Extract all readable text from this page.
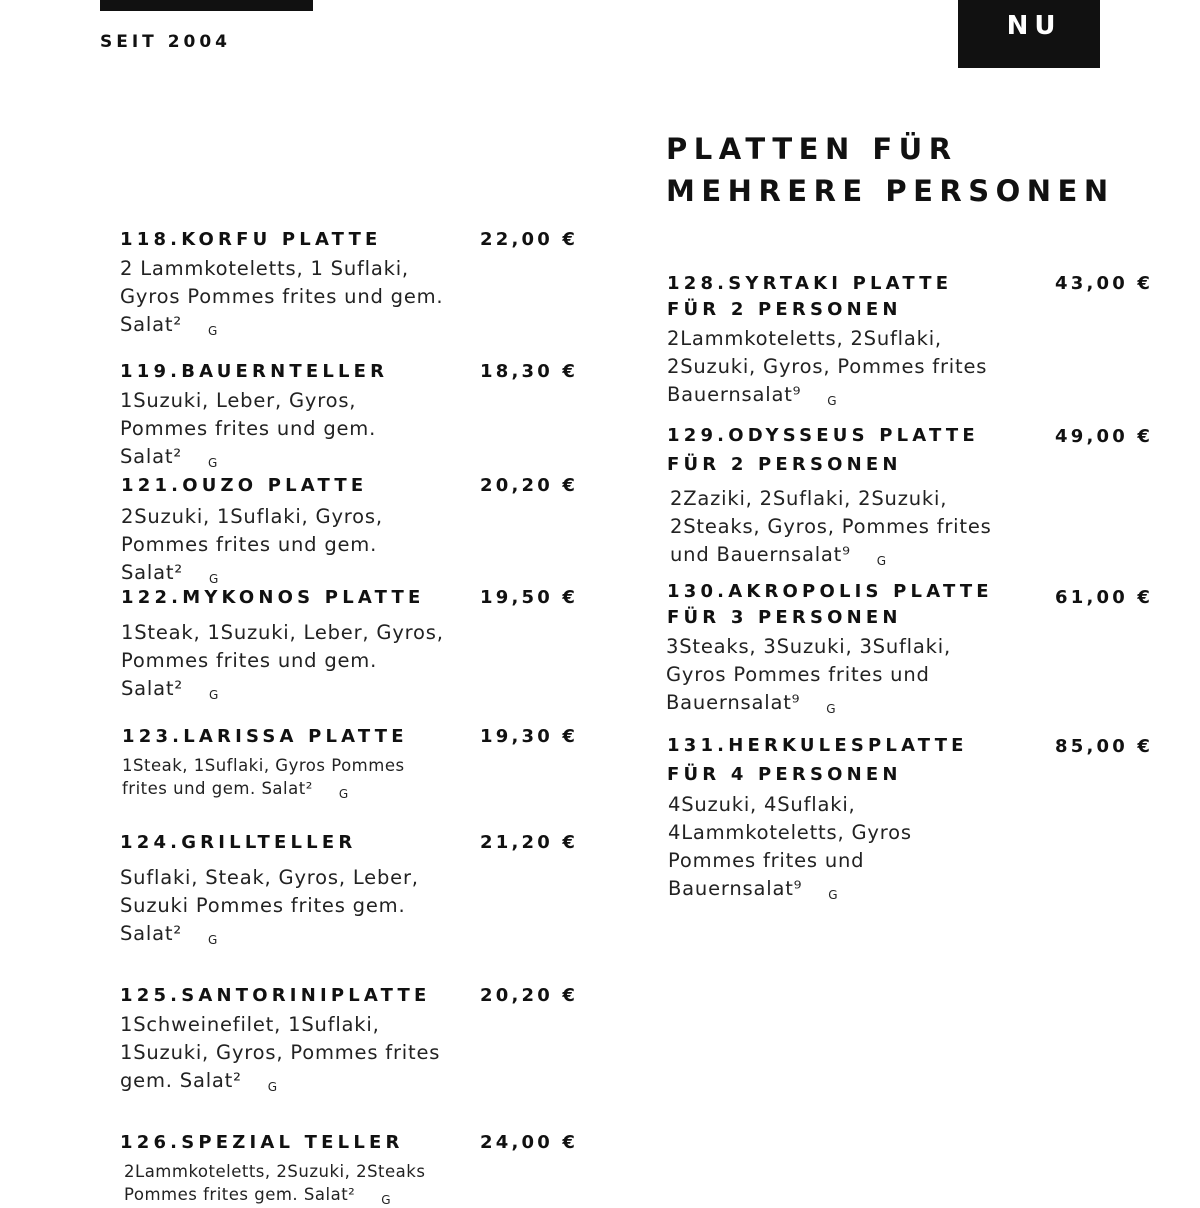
SEIT 2004
NU
PLATTEN FÜR
MEHRERE PERSONEN
118.KORFU PLATTE	22,00 €
2 Lammkoteletts, 1 Suflaki, Gyros Pommes frites und gem. Salat² $_G$
119.BAUERNTELLER	18,30 €
1Suzuki, Leber, Gyros, Pommes frites und gem. Salat² $_G$
121.OUZO PLATTE	20,20 €
2Suzuki, 1Suflaki, Gyros, Pommes frites und gem. Salat² $_G$
122.MYKONOS PLATTE	19,50 €
1Steak, 1Suzuki, Leber, Gyros, Pommes frites und gem. Salat² $_G$
123.LARISSA PLATTE	19,30 €
1Steak, 1Suflaki, Gyros Pommes frites und gem. Salat² $_G$
124.GRILLTELLER	21,20 €
Suflaki, Steak, Gyros, Leber, Suzuki Pommes frites gem. Salat² $_G$
125.SANTORINIPLATTE	20,20 €
1Schweinefilet, 1Suflaki, 1Suzuki, Gyros, Pommes frites gem. Salat² $_G$
126.SPEZIAL TELLER	24,00 €
2Lammkoteletts, 2Suzuki, 2Steaks Pommes frites gem. Salat² $_G$
128.SYRTAKI PLATTE
FÜR 2 PERSONEN
43,00 €
2Lammkoteletts, 2Suflaki, 2Suzuki, Gyros, Pommes frites Bauernsalat⁹ $_G$
129.ODYSSEUS PLATTE
FÜR 2 PERSONEN
49,00 €
2Zaziki, 2Suflaki, 2Suzuki, 2Steaks, Gyros, Pommes frites und Bauernsalat⁹ $_G$
130.AKROPOLIS PLATTE
FÜR 3 PERSONEN
61,00 €
3Steaks, 3Suzuki, 3Suflaki, Gyros Pommes frites und Bauernsalat⁹ $_G$
131.HERKULESPLATTE
FÜR 4 PERSONEN
85,00 €
4Suzuki, 4Suflaki, 4Lammkoteletts, Gyros Pommes frites und Bauernsalat⁹ $_G$
